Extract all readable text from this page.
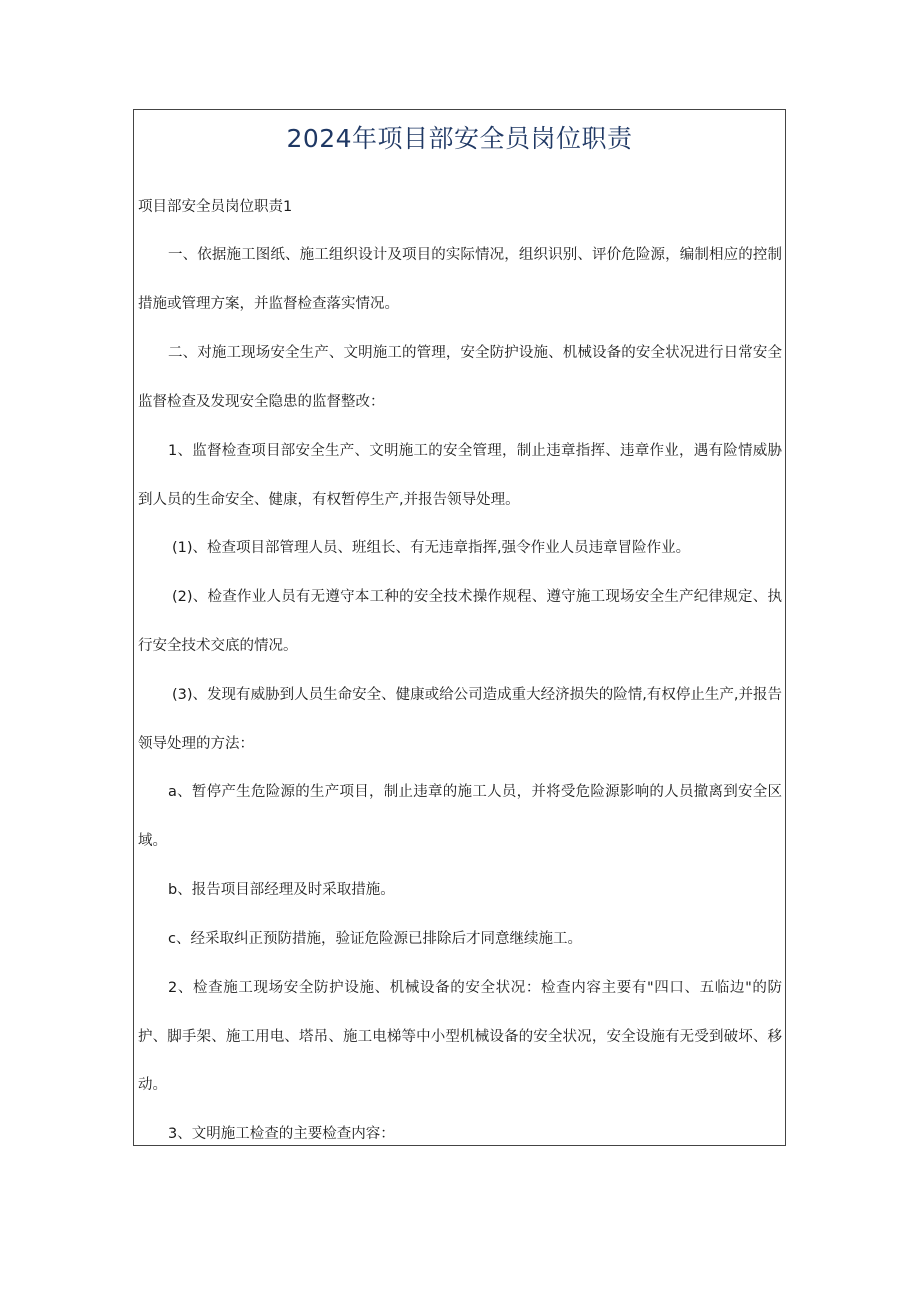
2024年项目部安全员岗位职责
项目部安全员岗位职责1
一、依据施工图纸、施工组织设计及项目的实际情况，组织识别、评价危险源，编制相应的控制
措施或管理方案，并监督检查落实情况。
二、对施工现场安全生产、文明施工的管理，安全防护设施、机械设备的安全状况进行日常安全
监督检查及发现安全隐患的监督整改：
1、监督检查项目部安全生产、文明施工的安全管理，制止违章指挥、违章作业，遇有险情威胁
到人员的生命安全、健康，有权暂停生产,并报告领导处理。
(1)、检查项目部管理人员、班组长、有无违章指挥,强令作业人员违章冒险作业。
(2)、检查作业人员有无遵守本工种的安全技术操作规程、遵守施工现场安全生产纪律规定、执
行安全技术交底的情况。
(3)、发现有威胁到人员生命安全、健康或给公司造成重大经济损失的险情,有权停止生产,并报告
领导处理的方法：
a、暂停产生危险源的生产项目，制止违章的施工人员，并将受危险源影响的人员撤离到安全区
域。
b、报告项目部经理及时采取措施。
c、经采取纠正预防措施，验证危险源已排除后才同意继续施工。
2、检查施工现场安全防护设施、机械设备的安全状况：检查内容主要有"四口、五临边"的防
护、脚手架、施工用电、塔吊、施工电梯等中小型机械设备的安全状况，安全设施有无受到破坏、移
动。
3、文明施工检查的主要检查内容：
